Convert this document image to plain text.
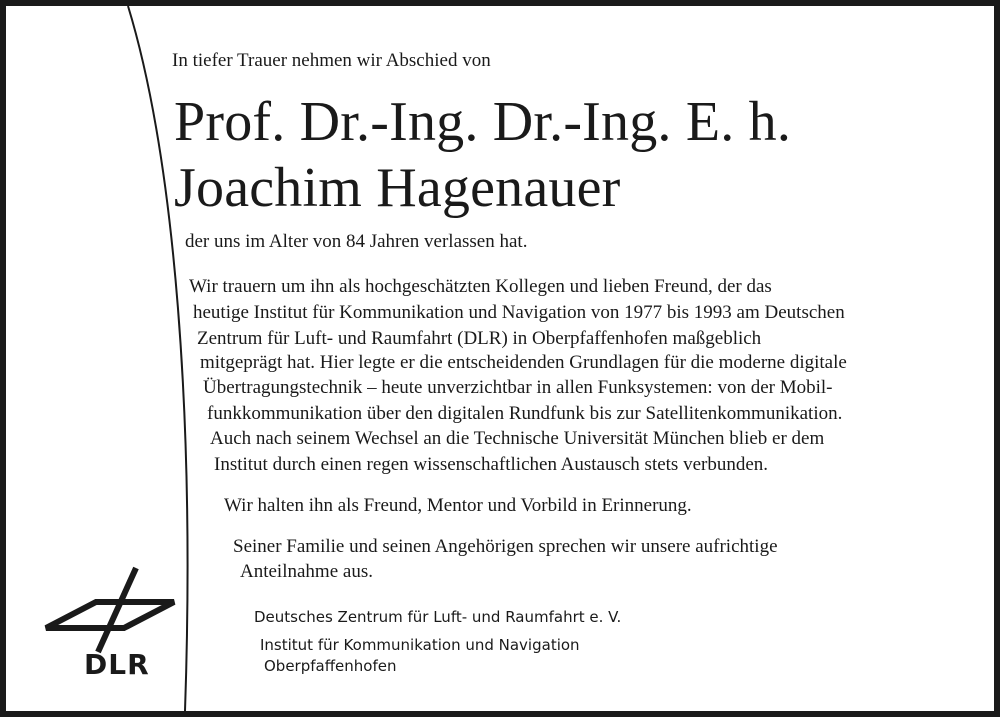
In tiefer Trauer nehmen wir Abschied von
Prof. Dr.-Ing. Dr.-Ing. E. h.
Joachim Hagenauer
der uns im Alter von 84 Jahren verlassen hat.
Wir trauern um ihn als hochgeschätzten Kollegen und lieben Freund, der das
heutige Institut für Kommunikation und Navigation von 1977 bis 1993 am Deutschen
Zentrum für Luft- und Raumfahrt (DLR) in Oberpfaffenhofen maßgeblich
mitgeprägt hat. Hier legte er die entscheidenden Grundlagen für die moderne digitale
Übertragungstechnik – heute unverzichtbar in allen Funksystemen: von der Mobil-
funkkommunikation über den digitalen Rundfunk bis zur Satellitenkommunikation.
Auch nach seinem Wechsel an die Technische Universität München blieb er dem
Institut durch einen regen wissenschaftlichen Austausch stets verbunden.
Wir halten ihn als Freund, Mentor und Vorbild in Erinnerung.
Seiner Familie und seinen Angehörigen sprechen wir unsere aufrichtige
Anteilnahme aus.
Deutsches Zentrum für Luft- und Raumfahrt e. V.
Institut für Kommunikation und Navigation
Oberpfaffenhofen
DLR
